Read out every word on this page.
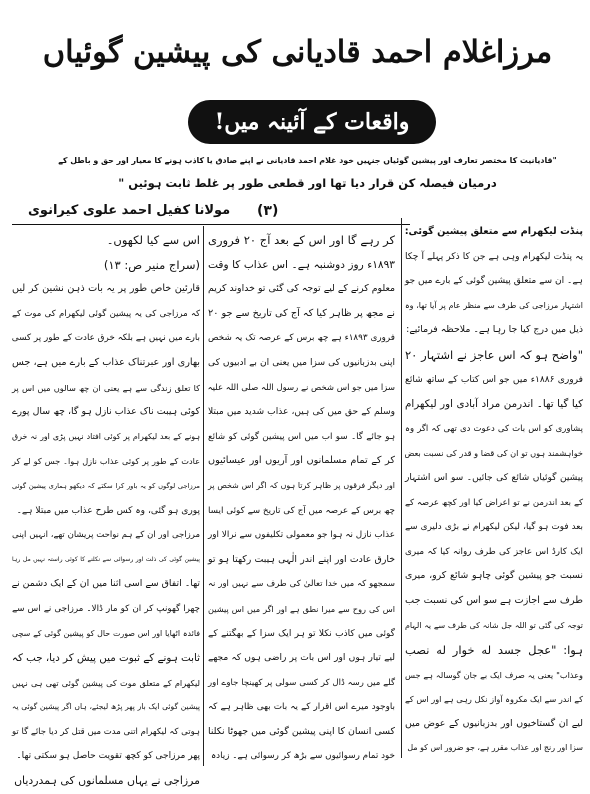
مرزاغلام احمد قادیانی کی پیشین گوئیاں
واقعات کے آئینہ میں!

"قادیانیت کا مختصر تعارف اور پیشین گوئیاں جنہیں خود غلام احمد قادیانی نے اپنے صادق یا کاذب ہونے کا معیار اور حق و باطل کے

درمیان فیصلہ کن قرار دیا تھا اور قطعی طور پر غلط ثابت ہوئیں "

(۳)
مولانا کفیل احمد علوی کیرانوی

پنڈت لیکھرام سے متعلق پیشین گوئی:

یہ پنڈت لیکھرام وہی ہے جن کا ذکر پہلے آ چکا

ہے۔ ان سے متعلق پیشین گوئی کے بارے میں جو

اشتہار مرزاجی کی طرف سے منظر عام پر آیا تھا، وہ

ذیل میں درج کیا جا رہا ہے۔ ملاحظہ فرمائیے:

"واضح ہو کہ اس عاجز نے اشتہار ۲۰

فروری ۱۸۸۶ء میں جو اس کتاب کے ساتھ شائع

کیا گیا تھا۔ اندرمن مراد آبادی اور لیکھرام

پشاوری کو اس بات کی دعوت دی تھی کہ اگر وہ

خواہشمند ہوں تو ان کی قضا و قدر کی نسبت بعض

پیشین گوئیاں شائع کی جائیں۔ سو اس اشتہار

کے بعد اندرمن نے تو اعراض کیا اور کچھ عرصہ کے

بعد فوت ہو گیا، لیکن لیکھرام نے بڑی دلیری سے

ایک کارڈ اس عاجز کی طرف روانہ کیا کہ میری

نسبت جو پیشین گوئی چاہو شائع کرو، میری

طرف سے اجازت ہے سو اس کی نسبت جب

توجہ کی گئی تو اللہ جل شانہ کی طرف سے یہ الہام

ہوا: "عجل جسد له خوار له نصب

وعذاب" یعنی یہ صرف ایک بے جان گوسالہ ہے جس

کے اندر سے ایک مکروہ آواز نکل رہی ہے اور اس کے

لیے ان گستاخیوں اور بدزبانیوں کے عوض میں

سزا اور رنج اور عذاب مقرر ہے، جو ضرور اس کو مل

کر رہے گا اور اس کے بعد آج ۲۰ فروری

۱۸۹۳ء روز دوشنبہ ہے۔ اس عذاب کا وقت

معلوم کرنے کے لیے توجہ کی گئی تو خداوند کریم

نے مجھ پر ظاہر کیا کہ آج کی تاریخ سے جو ۲۰

فروری ۱۸۹۳ء ہے چھ برس کے عرصہ تک یہ شخص

اپنی بدزبانیوں کی سزا میں یعنی ان بے ادبیوں کی

سزا میں جو اس شخص نے رسول اللہ صلی اللہ علیہ

وسلم کے حق میں کی ہیں، عذاب شدید میں مبتلا

ہو جائے گا۔ سو اب میں اس پیشین گوئی کو شائع

کر کے تمام مسلمانوں اور آریوں اور عیسائیوں

اور دیگر فرقوں پر ظاہر کرتا ہوں کہ اگر اس شخص پر

چھ برس کے عرصہ میں آج کی تاریخ سے کوئی ایسا

عذاب نازل نہ ہوا جو معمولی تکلیفوں سے نرالا اور

خارق عادت اور اپنے اندر الٰہی ہیبت رکھتا ہو تو

سمجھو کہ میں خدا تعالیٰ کی طرف سے نہیں اور نہ

اس کی روح سے میرا نطق ہے اور اگر میں اس پیشین

گوئی میں کاذب نکلا تو ہر ایک سزا کے بھگتنے کے

لیے تیار ہوں اور اس بات پر راضی ہوں کہ مجھے

گلے میں رسہ ڈال کر کسی سولی پر کھینچا جاوے اور

باوجود میرے اس اقرار کے یہ بات بھی ظاہر ہے کہ

کسی انسان کا اپنی پیشین گوئی میں جھوٹا نکلنا

خود تمام رسوائیوں سے بڑھ کر رسوائی ہے۔ زیادہ

اس سے کیا لکھوں۔

(سراج منیر ص: ۱۳)

قارئین خاص طور پر یہ بات ذہن نشین کر لیں

کہ مرزاجی کی یہ پیشین گوئی لیکھرام کی موت کے

بارے میں نہیں ہے بلکہ خرق عادت کے طور پر کسی

بھاری اور عبرتناک عذاب کے بارے میں ہے، جس

کا تعلق زندگی سے ہے یعنی ان چھ سالوں میں اس پر

کوئی ہیبت ناک عذاب نازل ہو گا، چھ سال پورے

ہونے کے بعد لیکھرام پر کوئی افتاد نہیں پڑی اور نہ خرق

عادت کے طور پر کوئی عذاب نازل ہوا۔ جس کو لے کر

مرزاجی لوگوں کو یہ باور کرا سکتے کہ دیکھو ہماری پیشین گوئی

پوری ہو گئی، وہ کس طرح عذاب میں مبتلا ہے۔

مرزاجی اور ان کے ہم نواحت پریشان تھے، انہیں اپنی

پیشین گوئی کی ذلت اور رسوائی سے نکلنے کا کوئی راستہ نہیں مل رہا

تھا۔ اتفاق سے اسی اثنا میں ان کے ایک دشمن نے

چھرا گھونپ کر ان کو مار ڈالا۔ مرزاجی نے اس سے

فائدہ اٹھایا اور اس صورت حال کو پیشین گوئی کے سچی

ثابت ہونے کے ثبوت میں پیش کر دیا، جب کہ

لیکھرام کے متعلق موت کی پیشین گوئی تھی ہی نہیں

پیشین گوئی ایک بار پھر پڑھ لیجئے، ہاں اگر پیشین گوئی یہ

ہوتی کہ لیکھرام اتنی مدت میں قتل کر دیا جائے گا تو

پھر مرزاجی کو کچھ تقویت حاصل ہو سکتی تھا۔

مرزاجی نے یہاں مسلمانوں کی ہمدردیاں
